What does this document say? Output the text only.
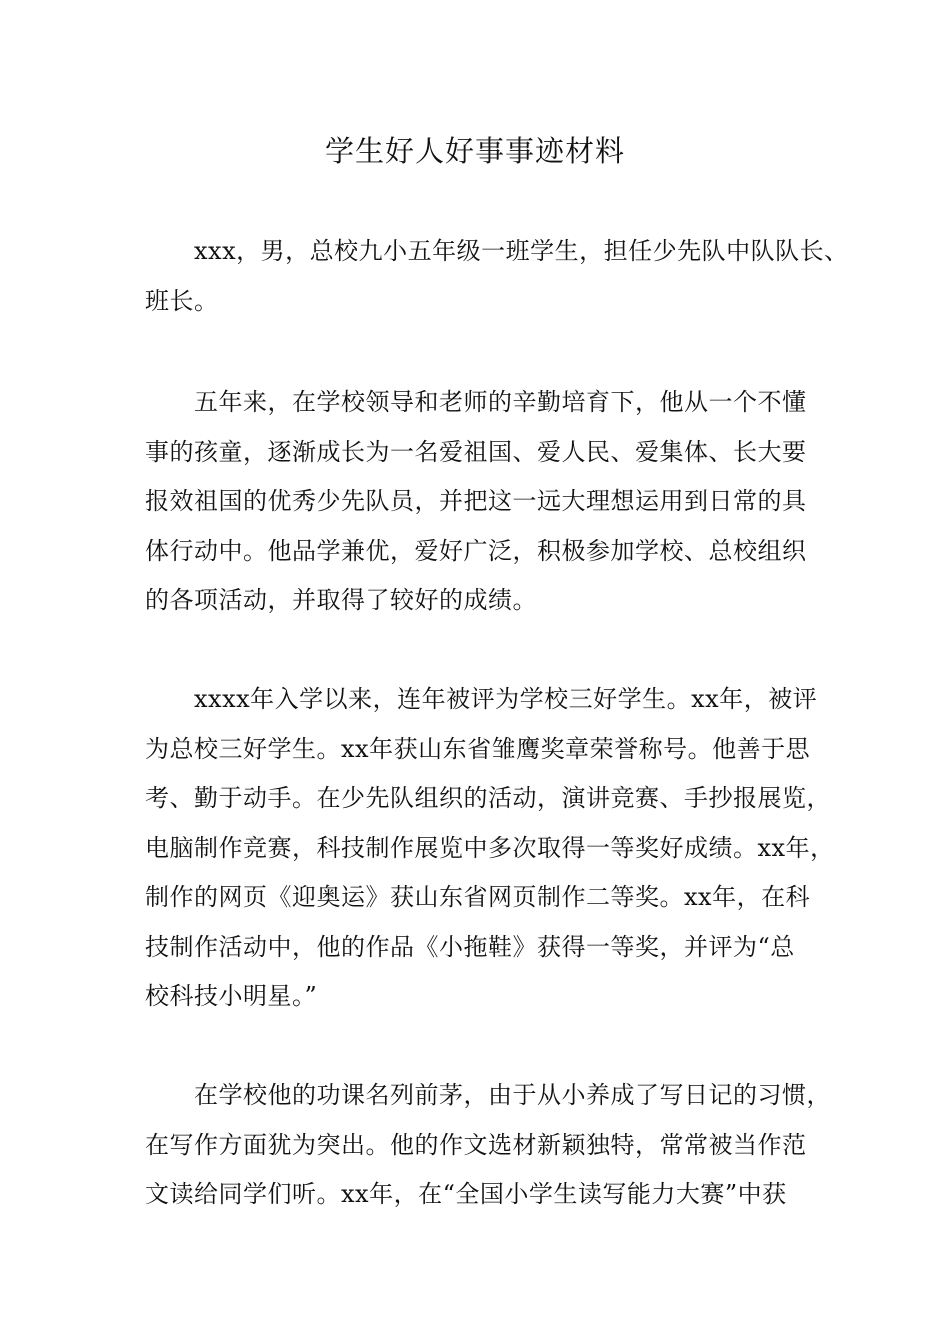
学生好人好事事迹材料
xxx，男，总校九小五年级一班学生，担任少先队中队队长、
班长。
五年来，在学校领导和老师的辛勤培育下，他从一个不懂
事的孩童，逐渐成长为一名爱祖国、爱人民、爱集体、长大要
报效祖国的优秀少先队员，并把这一远大理想运用到日常的具
体行动中。他品学兼优，爱好广泛，积极参加学校、总校组织
的各项活动，并取得了较好的成绩。
xxxx年入学以来，连年被评为学校三好学生。xx年，被评
为总校三好学生。xx年获山东省雏鹰奖章荣誉称号。他善于思
考、勤于动手。在少先队组织的活动，演讲竞赛、手抄报展览，
电脑制作竞赛，科技制作展览中多次取得一等奖好成绩。xx年，
制作的网页《迎奥运》获山东省网页制作二等奖。xx年，在科
技制作活动中，他的作品《小拖鞋》获得一等奖，并评为“总
校科技小明星。”
在学校他的功课名列前茅，由于从小养成了写日记的习惯，
在写作方面犹为突出。他的作文选材新颖独特，常常被当作范
文读给同学们听。xx年，在“全国小学生读写能力大赛”中获
